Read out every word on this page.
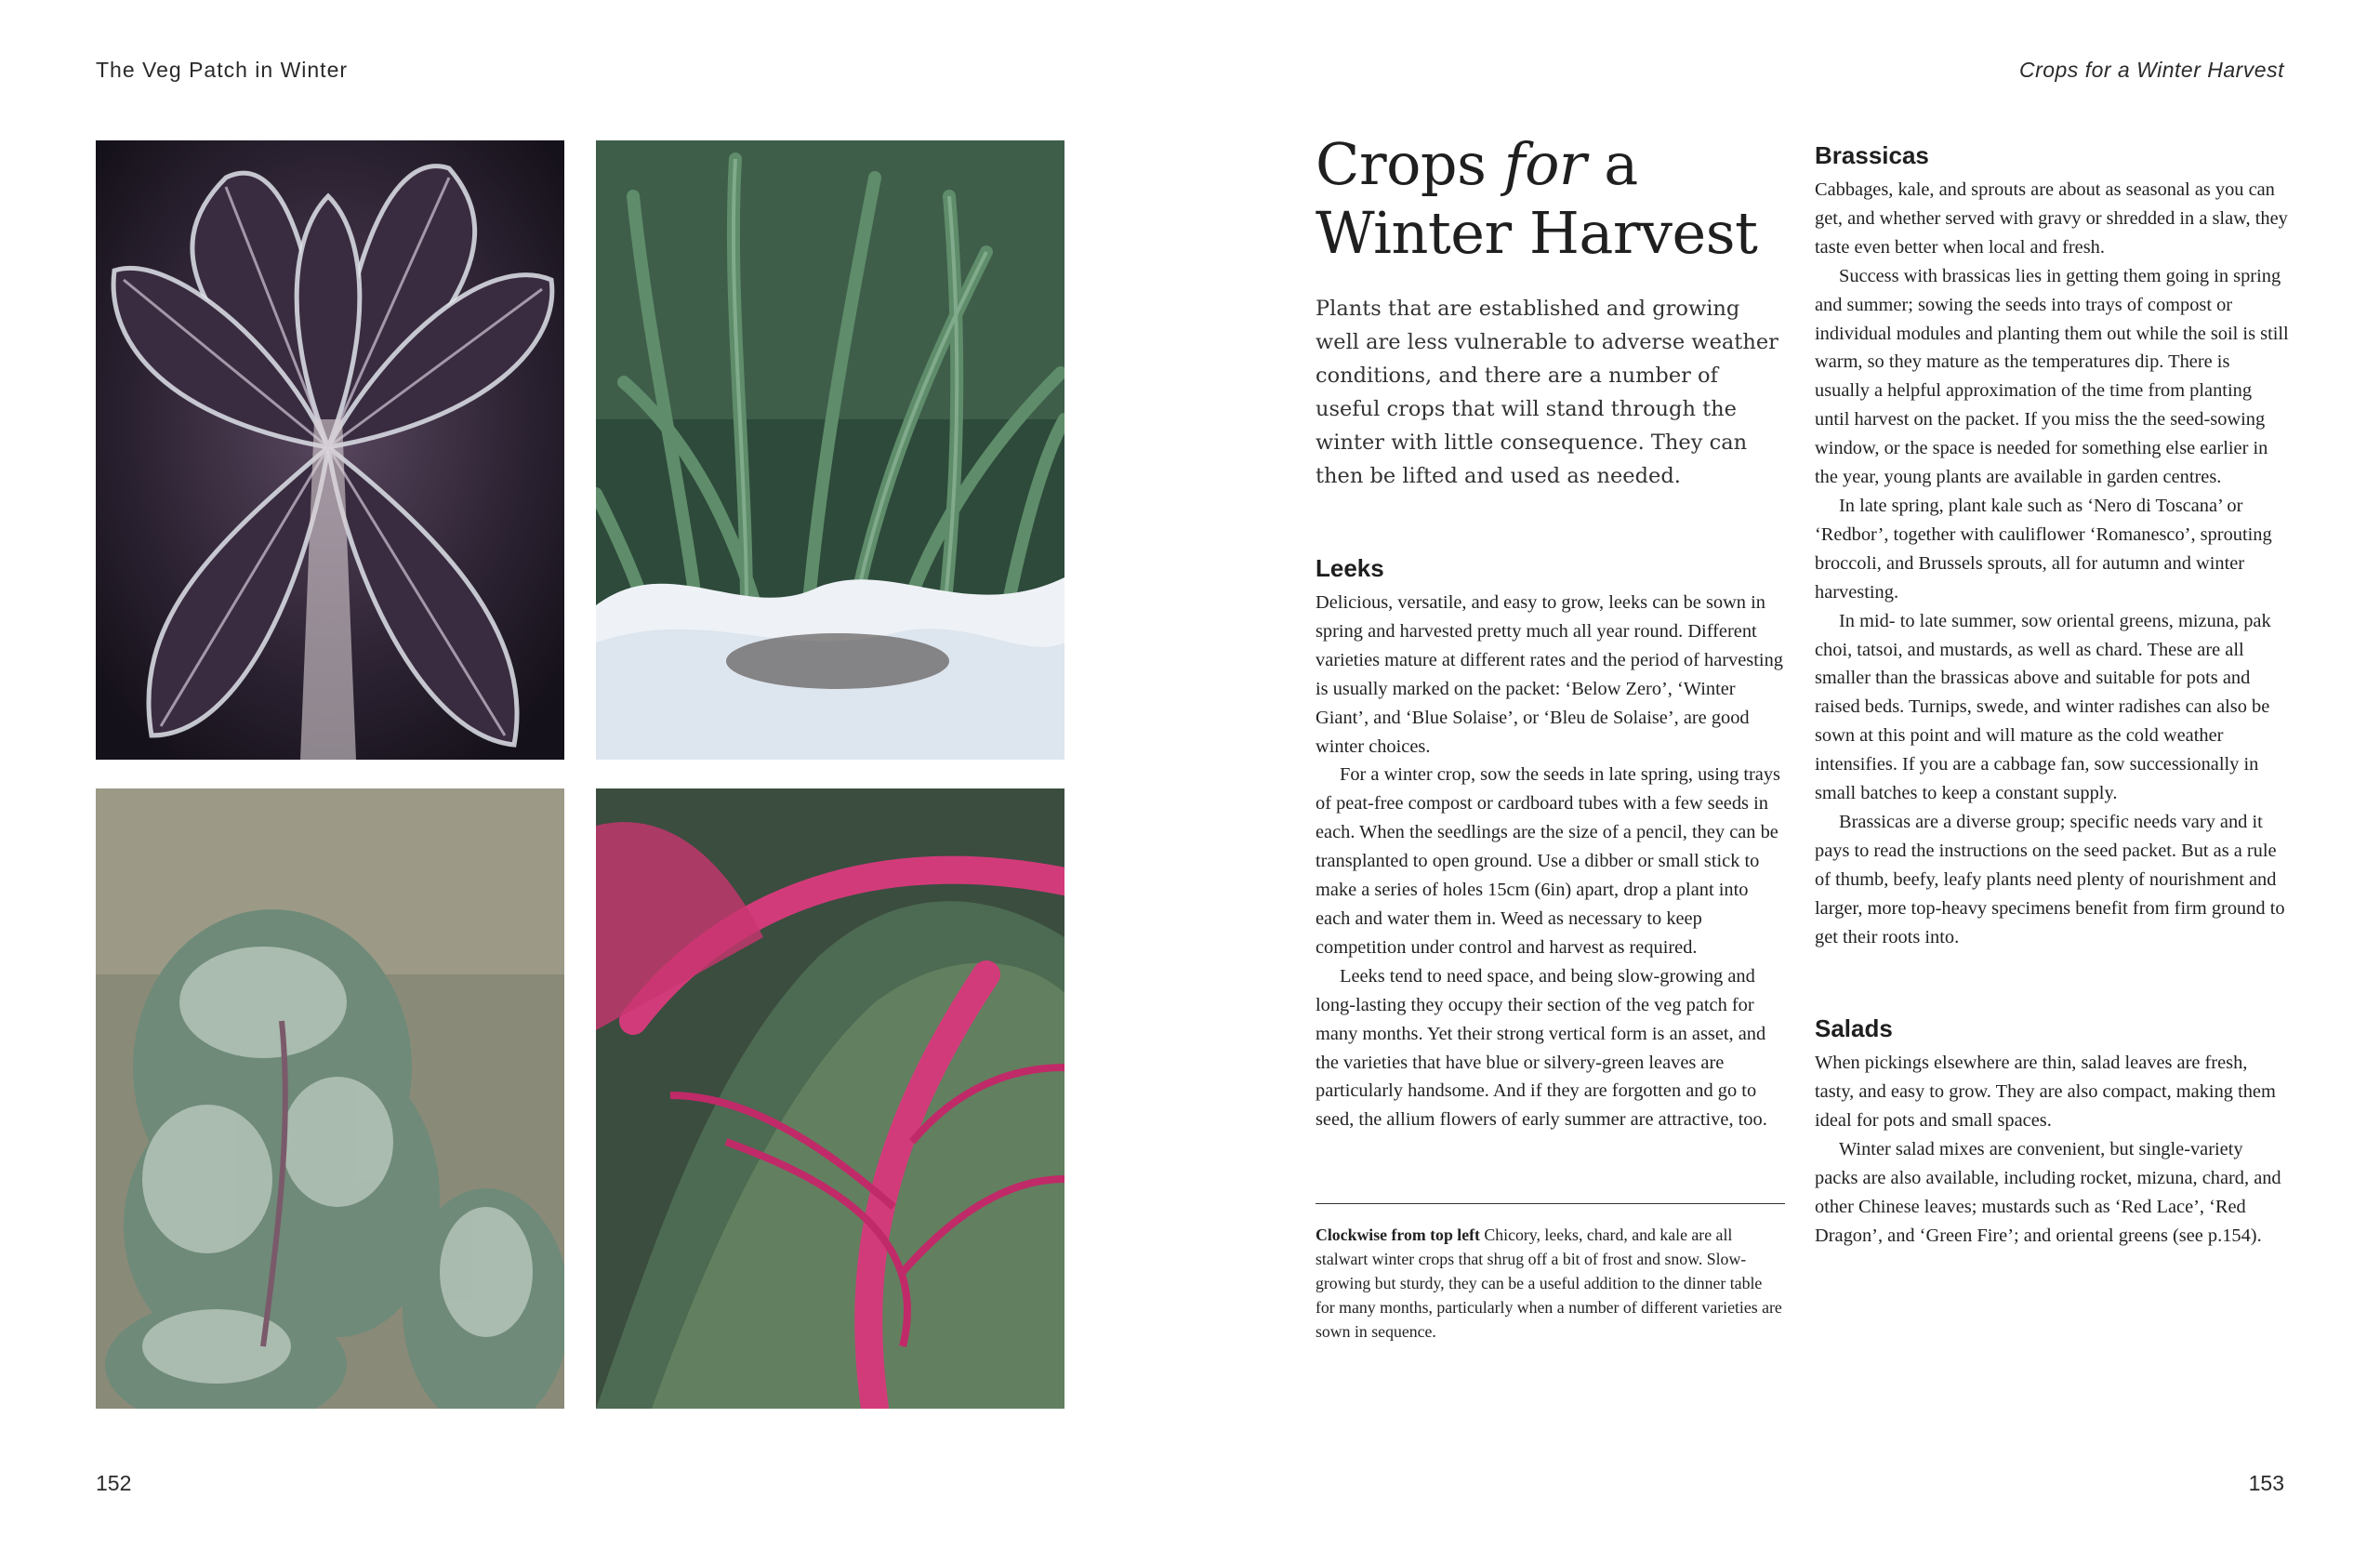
The Veg Patch in Winter	Crops for a Winter Harvest
152
Crops for a
Winter Harvest

Plants that are established and growing well are less vulnerable to adverse weather conditions, and there are a number of useful crops that will stand through the winter with little consequence. They can then be lifted and used as needed.

Leeks

Delicious, versatile, and easy to grow, leeks can be sown in spring and harvested pretty much all year round. Different varieties mature at different rates and the period of harvesting is usually marked on the packet: ‘Below Zero’, ‘Winter Giant’, and ‘Blue Solaise’, or ‘Bleu de Solaise’, are good winter choices.

For a winter crop, sow the seeds in late spring, using trays of peat-free compost or cardboard tubes with a few seeds in each. When the seedlings are the size of a pencil, they can be transplanted to open ground. Use a dibber or small stick to make a series of holes 15cm (6in) apart, drop a plant into each and water them in. Weed as necessary to keep competition under control and harvest as required.

Leeks tend to need space, and being slow-growing and long-lasting they occupy their section of the veg patch for many months. Yet their strong vertical form is an asset, and the varieties that have blue or silvery-green leaves are particularly handsome. And if they are forgotten and go to seed, the allium flowers of early summer are attractive, too.

Clockwise from top left Chicory, leeks, chard, and kale are all stalwart winter crops that shrug off a bit of frost and snow. Slow-growing but sturdy, they can be a useful addition to the dinner table for many months, particularly when a number of different varieties are sown in sequence.
Brassicas

Cabbages, kale, and sprouts are about as seasonal as you can get, and whether served with gravy or shredded in a slaw, they taste even better when local and fresh.

Success with brassicas lies in getting them going in spring and summer; sowing the seeds into trays of compost or individual modules and planting them out while the soil is still warm, so they mature as the temperatures dip. There is usually a helpful approximation of the time from planting until harvest on the packet. If you miss the the seed-sowing window, or the space is needed for something else earlier in the year, young plants are available in garden centres.

In late spring, plant kale such as ‘Nero di Toscana’ or ‘Redbor’, together with cauliflower ‘Romanesco’, sprouting broccoli, and Brussels sprouts, all for autumn and winter harvesting.

In mid- to late summer, sow oriental greens, mizuna, pak choi, tatsoi, and mustards, as well as chard. These are all smaller than the brassicas above and suitable for pots and raised beds. Turnips, swede, and winter radishes can also be sown at this point and will mature as the cold weather intensifies. If you are a cabbage fan, sow successionally in small batches to keep a constant supply.

Brassicas are a diverse group; specific needs vary and it pays to read the instructions on the seed packet. But as a rule of thumb, beefy, leafy plants need plenty of nourishment and larger, more top-heavy specimens benefit from firm ground to get their roots into.

Salads

When pickings elsewhere are thin, salad leaves are fresh, tasty, and easy to grow. They are also compact, making them ideal for pots and small spaces.

Winter salad mixes are convenient, but single-variety packs are also available, including rocket, mizuna, chard, and other Chinese leaves; mustards such as ‘Red Lace’, ‘Red Dragon’, and ‘Green Fire’; and oriental greens (see p.154).

153
